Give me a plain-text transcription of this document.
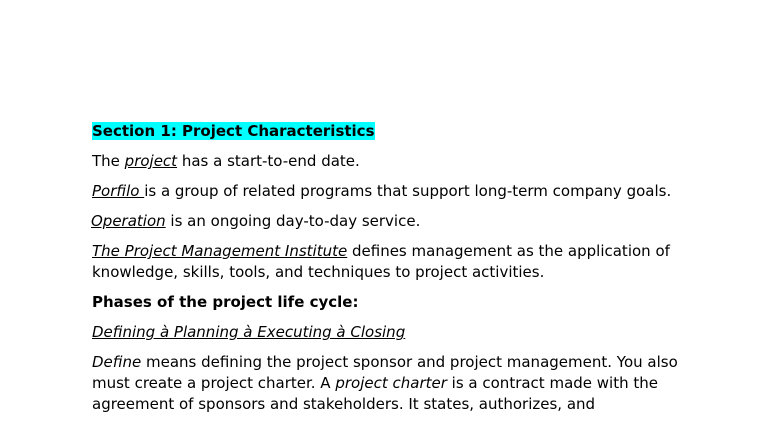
Section 1: Project Characteristics

The project has a start-to-end date.

Porfilo is a group of related programs that support long-term company goals.

Operation is an ongoing day-to-day service.

The Project Management Institute defines management as the application of knowledge, skills, tools, and techniques to project activities.

Phases of the project life cycle:

Defining à Planning à Executing à Closing

Define means defining the project sponsor and project management. You also must create a project charter. A project charter is a contract made with the agreement of sponsors and stakeholders. It states, authorizes, and
